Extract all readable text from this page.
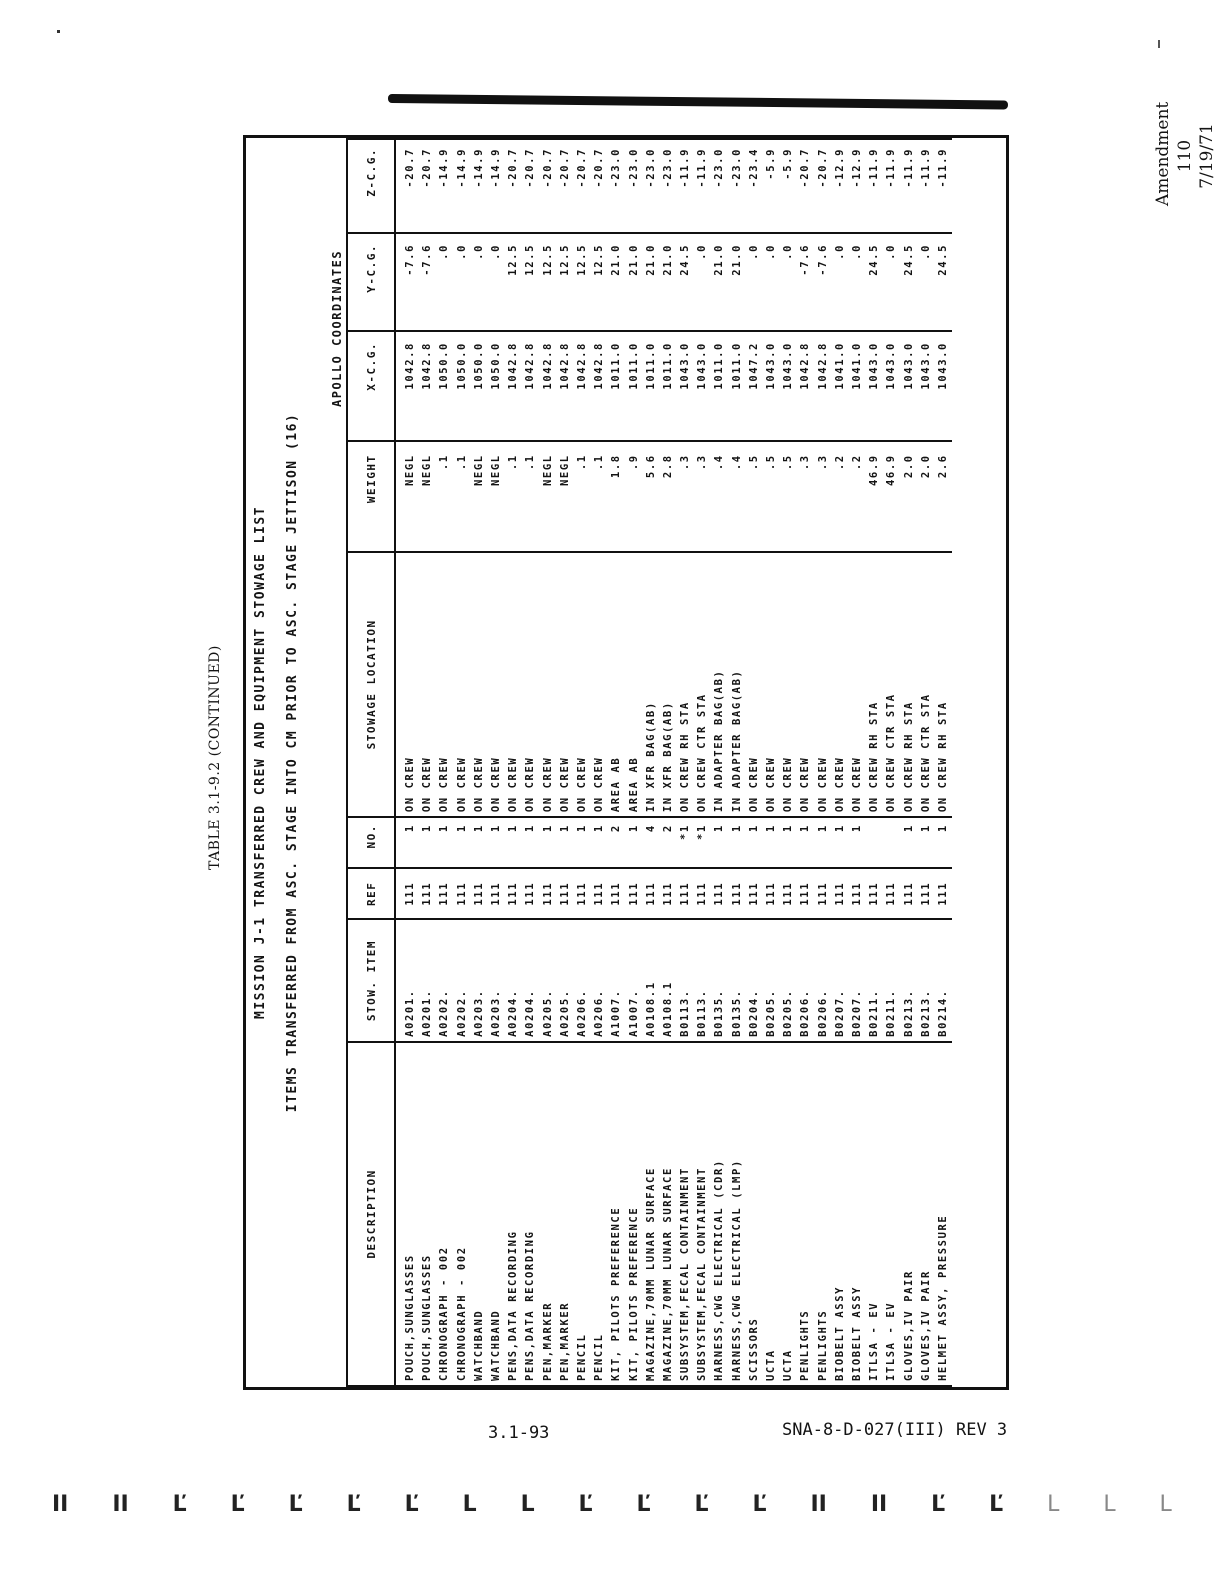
Amendment 110 7/19/71
TABLE 3.1-9.2 (CONTINUED)	MISSION J-1 TRANSFERRED CREW AND EQUIPMENT STOWAGE LIST	ITEMS TRANSFERRED FROM ASC. STAGE INTO CM PRIOR TO ASC. STAGE JETTISON (16)
APOLLO COORDINATES
DESCRIPTION	STOW. ITEM	REF	NO.	STOWAGE LOCATION	WEIGHT	X-C.G.	Y-C.G.	Z-C.G.
POUCH,SUNGLASSES	A0201.	111	1	ON CREW	NEGL	1042.8	-7.6	-20.7
POUCH,SUNGLASSES	A0201.	111	1	ON CREW	NEGL	1042.8	-7.6	-20.7
CHRONOGRAPH - 002	A0202.	111	1	ON CREW	.1	1050.0	.0	-14.9
CHRONOGRAPH - 002	A0202.	111	1	ON CREW	.1	1050.0	.0	-14.9
WATCHBAND	A0203.	111	1	ON CREW	NEGL	1050.0	.0	-14.9
WATCHBAND	A0203.	111	1	ON CREW	NEGL	1050.0	.0	-14.9
PENS,DATA RECORDING	A0204.	111	1	ON CREW	.1	1042.8	12.5	-20.7
PENS,DATA RECORDING	A0204.	111	1	ON CREW	.1	1042.8	12.5	-20.7
PEN,MARKER	A0205.	111	1	ON CREW	NEGL	1042.8	12.5	-20.7
PEN,MARKER	A0205.	111	1	ON CREW	NEGL	1042.8	12.5	-20.7
PENCIL	A0206.	111	1	ON CREW	.1	1042.8	12.5	-20.7
PENCIL	A0206.	111	1	ON CREW	.1	1042.8	12.5	-20.7
KIT, PILOTS PREFERENCE	A1007.	111	2	AREA AB	1.8	1011.0	21.0	-23.0
KIT, PILOTS PREFERENCE	A1007.	111	1	AREA AB	.9	1011.0	21.0	-23.0
MAGAZINE,70MM LUNAR SURFACE	A0108.1	111	4	IN XFR BAG(AB)	5.6	1011.0	21.0	-23.0
MAGAZINE,70MM LUNAR SURFACE	A0108.1	111	2	IN XFR BAG(AB)	2.8	1011.0	21.0	-23.0
SUBSYSTEM,FECAL CONTAINMENT	B0113.	111	*1	ON CREW RH STA	.3	1043.0	24.5	-11.9
SUBSYSTEM,FECAL CONTAINMENT	B0113.	111	*1	ON CREW CTR STA	.3	1043.0	.0	-11.9
HARNESS,CWG ELECTRICAL (CDR)	B0135.	111	1	IN ADAPTER BAG(AB)	.4	1011.0	21.0	-23.0
HARNESS,CWG ELECTRICAL (LMP)	B0135.	111	1	IN ADAPTER BAG(AB)	.4	1011.0	21.0	-23.0
SCISSORS	B0204.	111	1	ON CREW	.5	1047.2	.0	-23.4
UCTA	B0205.	111	1	ON CREW	.5	1043.0	.0	-5.9
UCTA	B0205.	111	1	ON CREW	.5	1043.0	.0	-5.9
PENLIGHTS	B0206.	111	1	ON CREW	.3	1042.8	-7.6	-20.7
PENLIGHTS	B0206.	111	1	ON CREW	.3	1042.8	-7.6	-20.7
BIOBELT ASSY	B0207.	111	1	ON CREW	.2	1041.0	.0	-12.9
BIOBELT ASSY	B0207.	111	1	ON CREW	.2	1041.0	.0	-12.9
ITLSA - EV	B0211.	111		ON CREW RH STA	46.9	1043.0	24.5	-11.9
ITLSA - EV	B0211.	111		ON CREW CTR STA	46.9	1043.0	.0	-11.9
GLOVES,IV PAIR	B0213.	111	1	ON CREW RH STA	2.0	1043.0	24.5	-11.9
GLOVES,IV PAIR	B0213.	111	1	ON CREW CTR STA	2.0	1043.0	.0	-11.9
HELMET ASSY, PRESSURE	B0214.	111	1	ON CREW RH STA	2.6	1043.0	24.5	-11.9
3.1-93	SNA-8-D-027(III) REV 3
II II Ľ Ľ Ľ Ľ Ľ L L Ľ Ľ Ľ Ľ II II Ľ Ľ L L L
